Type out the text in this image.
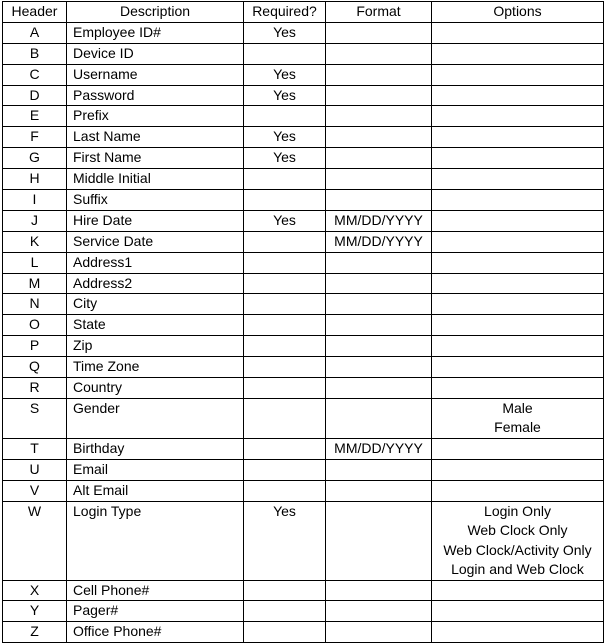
Header	Description	Required?	Format	Options
A	Employee ID#	Yes		
B	Device ID			
C	Username	Yes		
D	Password	Yes		
E	Prefix			
F	Last Name	Yes		
G	First Name	Yes		
H	Middle Initial			
I	Suffix			
J	Hire Date	Yes	MM/DD/YYYY	
K	Service Date		MM/DD/YYYY	
L	Address1			
M	Address2			
N	City			
O	State			
P	Zip			
Q	Time Zone			
R	Country			
S	Gender			Male
Female

T	Birthday		MM/DD/YYYY	
U	Email			
V	Alt Email			
W	Login Type	Yes		Login Only
Web Clock Only
Web Clock/Activity Only
Login and Web Clock

X	Cell Phone#			
Y	Pager#			
Z	Office Phone#			
